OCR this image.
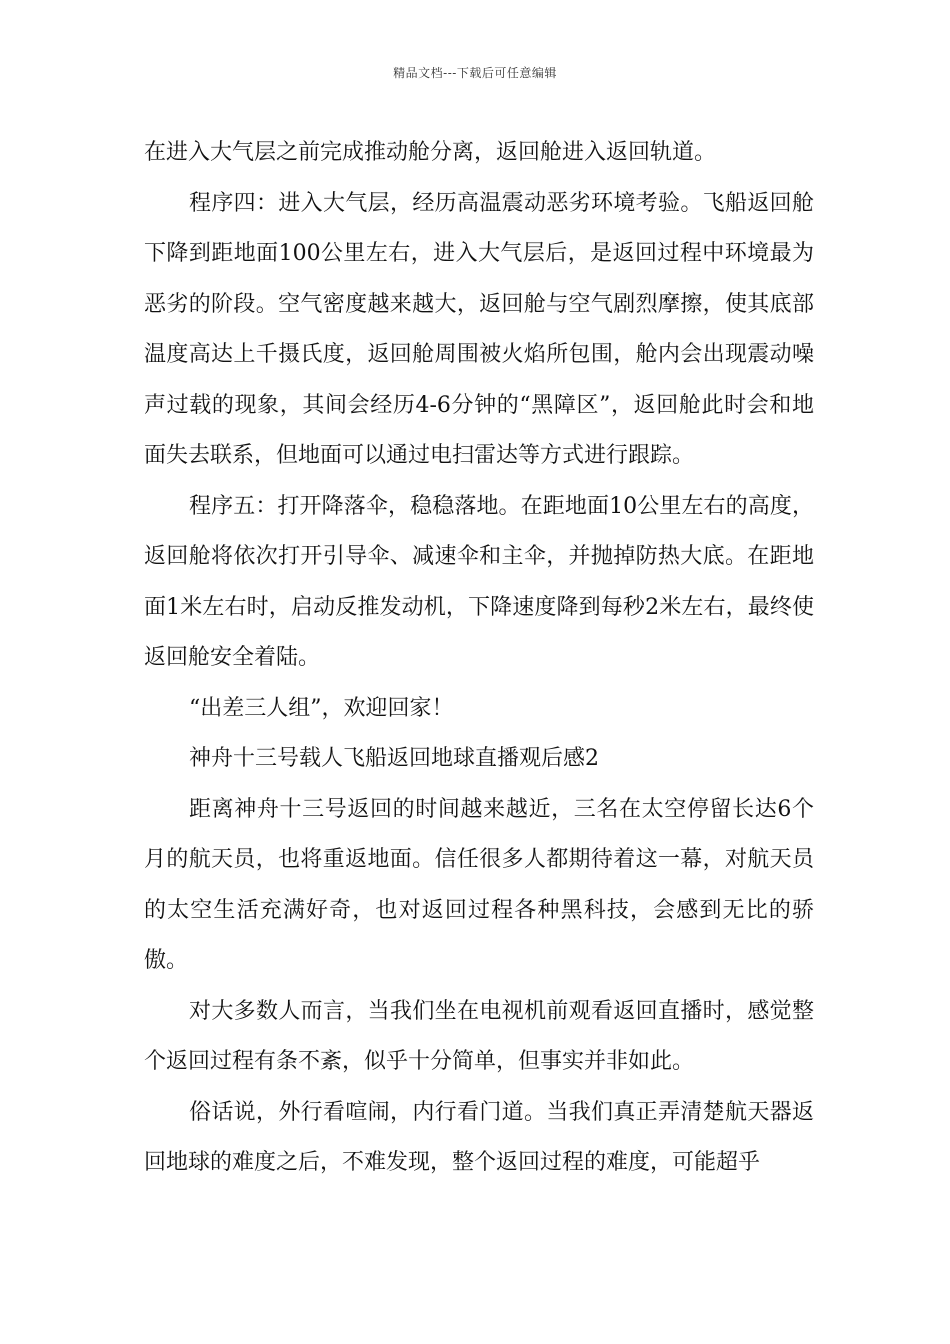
精品文档---下载后可任意编辑

在进入大气层之前完成推动舱分离，返回舱进入返回轨道。

程序四：进入大气层，经历高温震动恶劣环境考验。飞船返回舱下降到距地面100公里左右，进入大气层后，是返回过程中环境最为恶劣的阶段。空气密度越来越大，返回舱与空气剧烈摩擦，使其底部温度高达上千摄氏度，返回舱周围被火焰所包围，舱内会出现震动噪声过载的现象，其间会经历4-6分钟的“黑障区”，返回舱此时会和地面失去联系，但地面可以通过电扫雷达等方式进行跟踪。

程序五：打开降落伞，稳稳落地。在距地面10公里左右的高度，返回舱将依次打开引导伞、减速伞和主伞，并抛掉防热大底。在距地面1米左右时，启动反推发动机，下降速度降到每秒2米左右，最终使返回舱安全着陆。

“出差三人组”，欢迎回家！

神舟十三号载人飞船返回地球直播观后感2

距离神舟十三号返回的时间越来越近，三名在太空停留长达6个月的航天员，也将重返地面。信任很多人都期待着这一幕，对航天员的太空生活充满好奇，也对返回过程各种黑科技，会感到无比的骄傲。

对大多数人而言，当我们坐在电视机前观看返回直播时，感觉整个返回过程有条不紊，似乎十分简单，但事实并非如此。

俗话说，外行看喧闹，内行看门道。当我们真正弄清楚航天器返回地球的难度之后，不难发现，整个返回过程的难度，可能超乎
